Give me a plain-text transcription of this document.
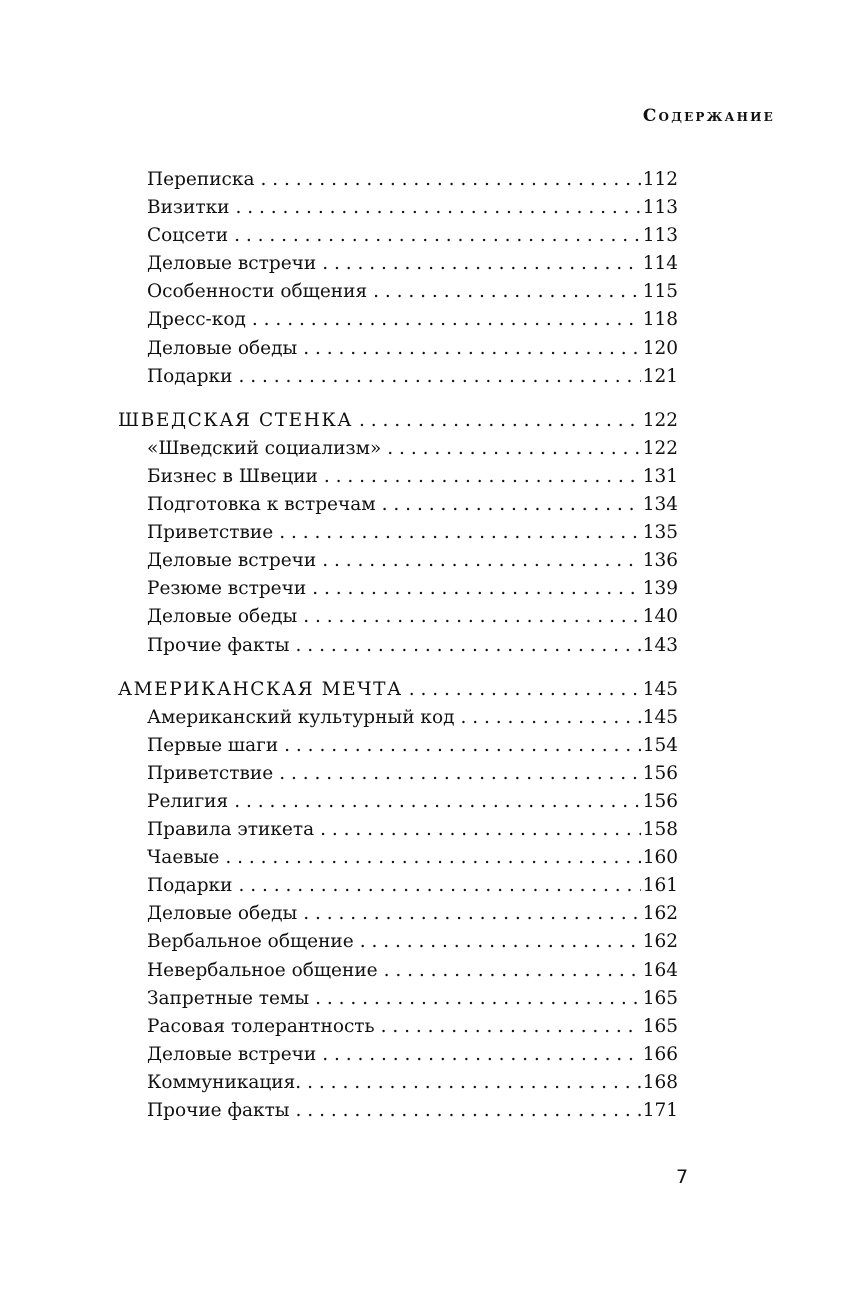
Содержание
Переписка . . .	112
Визитки . . .	113
Соцсети . . .	113
Деловые встречи . . .	114
Особенности общения . . .	115
Дресс-код . . .	118
Деловые обеды . . .	120
Подарки . . .	121
ШВЕДСКАЯ СТЕНКА . . .	122
«Шведский социализм» . . .	122
Бизнес в Швеции . . .	131
Подготовка к встречам . . .	134
Приветствие . . .	135
Деловые встречи . . .	136
Резюме встречи . . .	139
Деловые обеды . . .	140
Прочие факты . . .	143
АМЕРИКАНСКАЯ МЕЧТА . . .	145
Американский культурный код . . .	145
Первые шаги . . .	154
Приветствие . . .	156
Религия . . .	156
Правила этикета . . .	158
Чаевые . . .	160
Подарки . . .	161
Деловые обеды . . .	162
Вербальное общение . . .	162
Невербальное общение . . .	164
Запретные темы . . .	165
Расовая толерантность . . .	165
Деловые встречи . . .	166
Коммуникация. . . .	168
Прочие факты . . .	171
7
